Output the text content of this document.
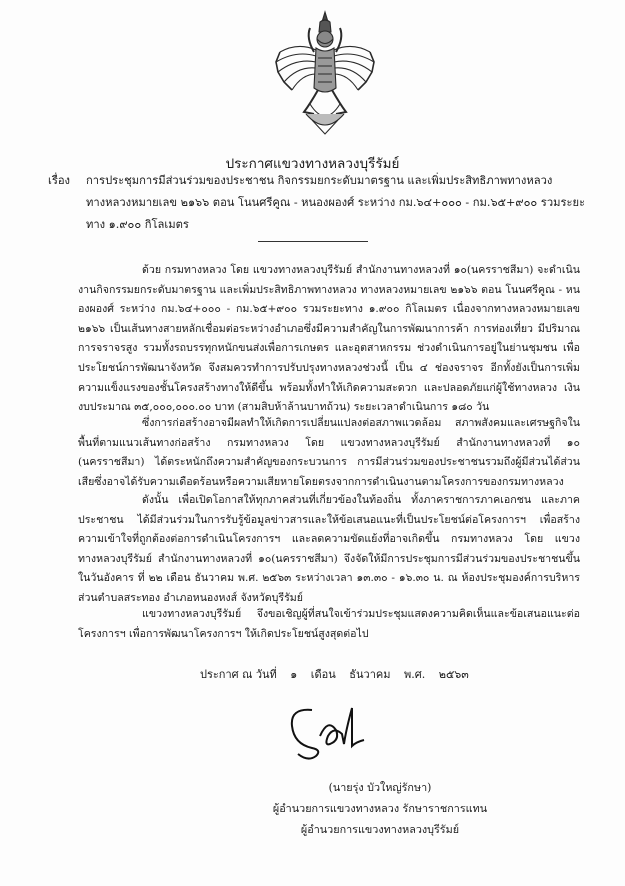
ประกาศแขวงทางหลวงบุรีรัมย์
เรื่อง การประชุมการมีส่วนร่วมของประชาชน กิจกรรมยกระดับมาตรฐาน และเพิ่มประสิทธิภาพทางหลวง ทางหลวงหมายเลข ๒๑๖๖ ตอน โนนศรีคูณ - หนองผองศ์ ระหว่าง กม.๖๔+๐๐๐ - กม.๖๕+๙๐๐ รวมระยะทาง ๑.๙๐๐ กิโลเมตร
ด้วย กรมทางหลวง โดย แขวงทางหลวงบุรีรัมย์ สำนักงานทางหลวงที่ ๑๐(นครราชสีมา) จะดำเนินงานกิจกรรมยกระดับมาตรฐาน และเพิ่มประสิทธิภาพทางหลวง ทางหลวงหมายเลข ๒๑๖๖ ตอน โนนศรีคูณ - หนองผองศ์ ระหว่าง กม.๖๔+๐๐๐ - กม.๖๕+๙๐๐ รวมระยะทาง ๑.๙๐๐ กิโลเมตร เนื่องจากทางหลวงหมายเลข ๒๑๖๖ เป็นเส้นทางสายหลักเชื่อมต่อระหว่างอำเภอซึ่งมีความสำคัญในการพัฒนาการค้า การท่องเที่ยว มีปริมาณการจราจรสูง รวมทั้งรถบรรทุกหนักขนส่งเพื่อการเกษตร และอุตสาหกรรม ช่วงดำเนินการอยู่ในย่านชุมชน เพื่อประโยชน์การพัฒนาจังหวัด จึงสมควรทำการปรับปรุงทางหลวงช่วงนี้ เป็น ๔ ช่องจราจร อีกทั้งยังเป็นการเพิ่มความแข็งแรงของชั้นโครงสร้างทางให้ดีขึ้น พร้อมทั้งทำให้เกิดความสะดวก และปลอดภัยแก่ผู้ใช้ทางหลวง เงินงบประมาณ ๓๕,๐๐๐,๐๐๐.๐๐ บาท (สามสิบห้าล้านบาทถ้วน) ระยะเวลาดำเนินการ ๑๘๐ วัน
ซึ่งการก่อสร้างอาจมีผลทำให้เกิดการเปลี่ยนแปลงต่อสภาพแวดล้อม สภาพสังคมและเศรษฐกิจในพื้นที่ตามแนวเส้นทางก่อสร้าง กรมทางหลวง โดย แขวงทางหลวงบุรีรัมย์ สำนักงานทางหลวงที่ ๑๐ (นครราชสีมา) ได้ตระหนักถึงความสำคัญของกระบวนการ การมีส่วนร่วมของประชาชนรวมถึงผู้มีส่วนได้ส่วนเสียซึ่งอาจได้รับความเดือดร้อนหรือความเสียหายโดยตรงจากการดำเนินงานตามโครงการของกรมทางหลวง
ดังนั้น เพื่อเปิดโอกาสให้ทุกภาคส่วนที่เกี่ยวข้องในท้องถิ่น ทั้งภาคราชการภาคเอกชน และภาคประชาชน ได้มีส่วนร่วมในการรับรู้ข้อมูลข่าวสารและให้ข้อเสนอแนะที่เป็นประโยชน์ต่อโครงการฯ เพื่อสร้างความเข้าใจที่ถูกต้องต่อการดำเนินโครงการฯ และลดความขัดแย้งที่อาจเกิดขึ้น กรมทางหลวง โดย แขวงทางหลวงบุรีรัมย์ สำนักงานทางหลวงที่ ๑๐(นครราชสีมา) จึงจัดให้มีการประชุมการมีส่วนร่วมของประชาชนขึ้นในวันอังคาร ที่ ๒๒ เดือน ธันวาคม พ.ศ. ๒๕๖๓ ระหว่างเวลา ๑๓.๓๐ - ๑๖.๓๐ น. ณ ห้องประชุมองค์การบริหารส่วนตำบลสระทอง อำเภอหนองหงส์ จังหวัดบุรีรัมย์
แขวงทางหลวงบุรีรัมย์ จึงขอเชิญผู้ที่สนใจเข้าร่วมประชุมแสดงความคิดเห็นและข้อเสนอแนะต่อโครงการฯ เพื่อการพัฒนาโครงการฯ ให้เกิดประโยชน์สูงสุดต่อไป
ประกาศ ณ วันที่ ๑ เดือน ธันวาคม พ.ศ. ๒๕๖๓
(นายรุ่ง บัวใหญ่รักษา)
ผู้อำนวยการแขวงทางหลวง รักษาราชการแทน
ผู้อำนวยการแขวงทางหลวงบุรีรัมย์
